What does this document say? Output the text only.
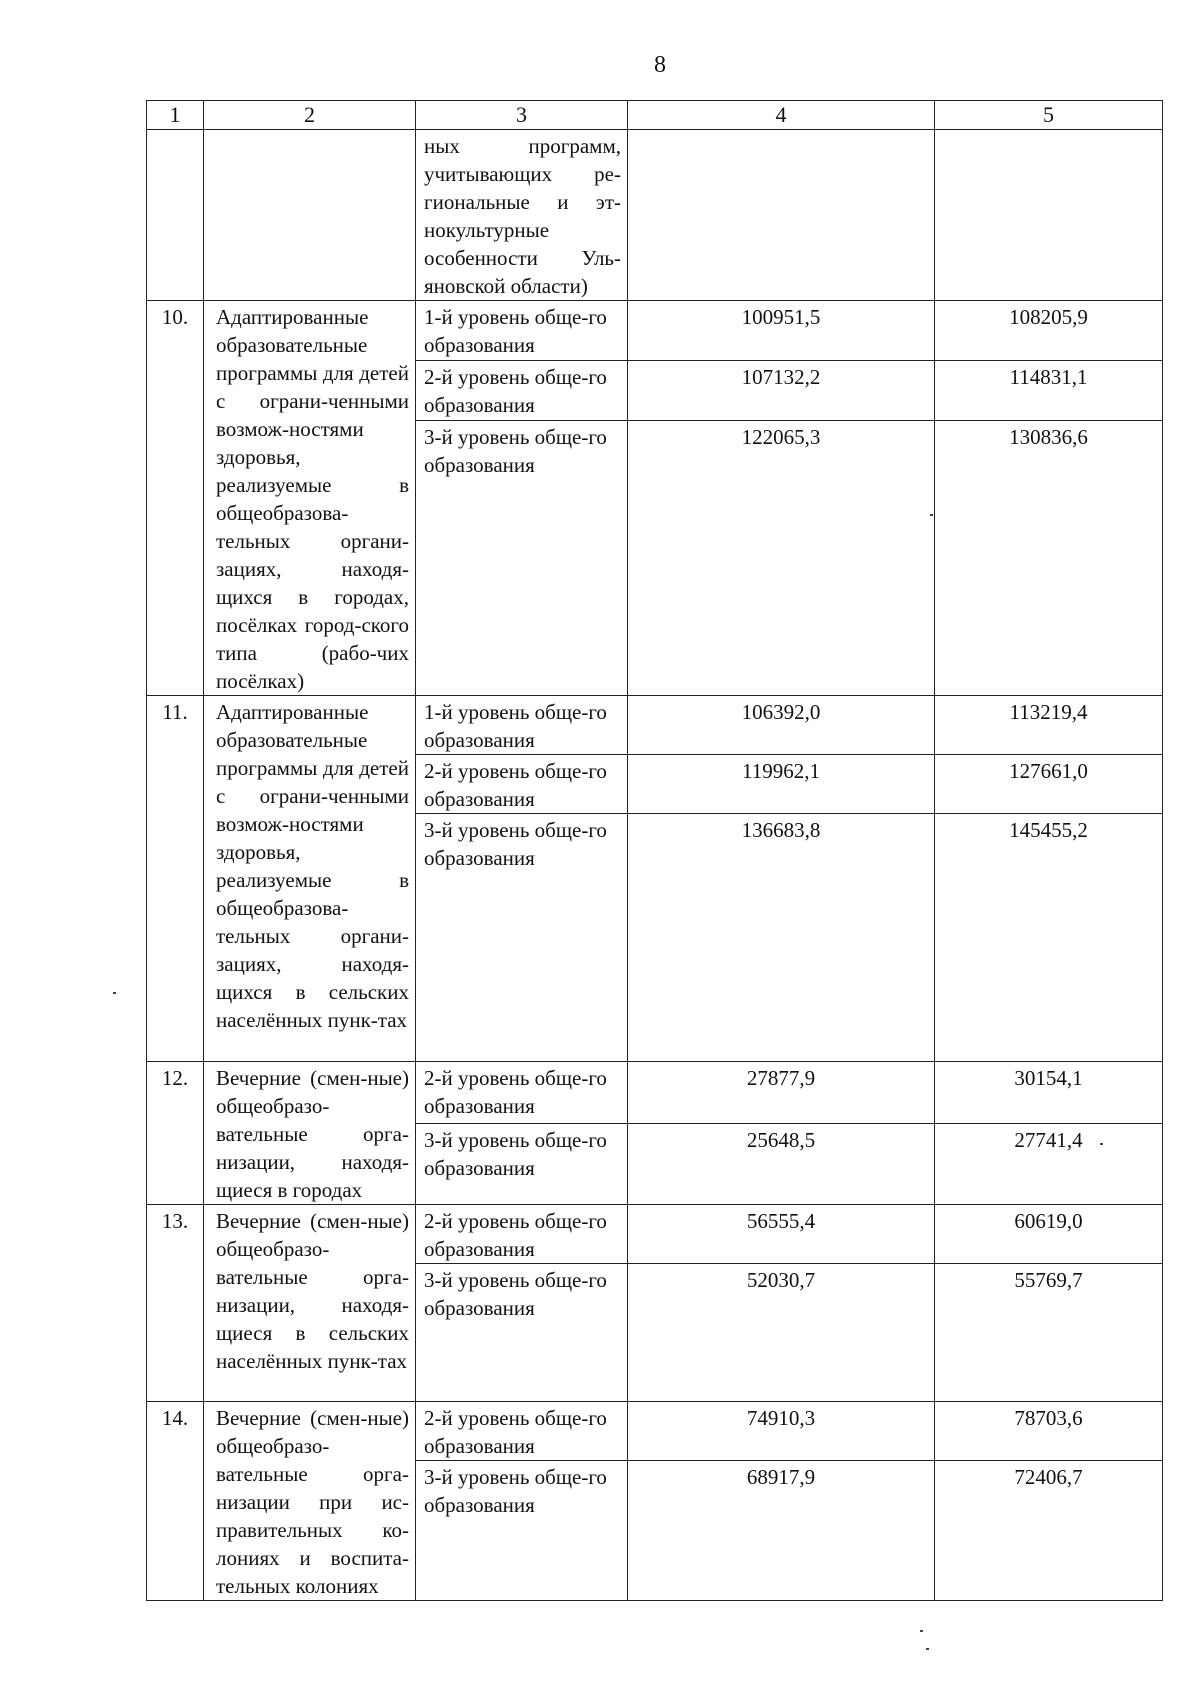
8
1	2	3	4	5
		ных программ, учитывающих ре-гиональные и эт-нокультурные особенности Уль-яновской области)		
10.	Адаптированные образовательные программы для детей с ограни-ченными возмож-ностями здоровья, реализуемые в общеобразова-тельных органи-зациях, находя-щихся в городах, посёлках город-ского типа (рабо-чих посёлках)	1-й уровень обще-го образования	100951,5	108205,9
		2-й уровень обще-го образования	107132,2	114831,1
		3-й уровень обще-го образования	122065,3	130836,6
11.	Адаптированные образовательные программы для детей с ограни-ченными возмож-ностями здоровья, реализуемые в общеобразова-тельных органи-зациях, находя-щихся в сельских населённых пунк-тах	1-й уровень обще-го образования	106392,0	113219,4
		2-й уровень обще-го образования	119962,1	127661,0
		3-й уровень обще-го образования	136683,8	145455,2
12.	Вечерние (смен-ные) общеобразо-вательные орга-низации, находя-щиеся в городах	2-й уровень обще-го образования	27877,9	30154,1
		3-й уровень обще-го образования	25648,5	27741,4
13.	Вечерние (смен-ные) общеобразо-вательные орга-низации, находя-щиеся в сельских населённых пунк-тах	2-й уровень обще-го образования	56555,4	60619,0
		3-й уровень обще-го образования	52030,7	55769,7
14.	Вечерние (смен-ные) общеобразо-вательные орга-низации при ис-правительных ко-лониях и воспита-тельных колониях	2-й уровень обще-го образования	74910,3	78703,6
		3-й уровень обще-го образования	68917,9	72406,7
